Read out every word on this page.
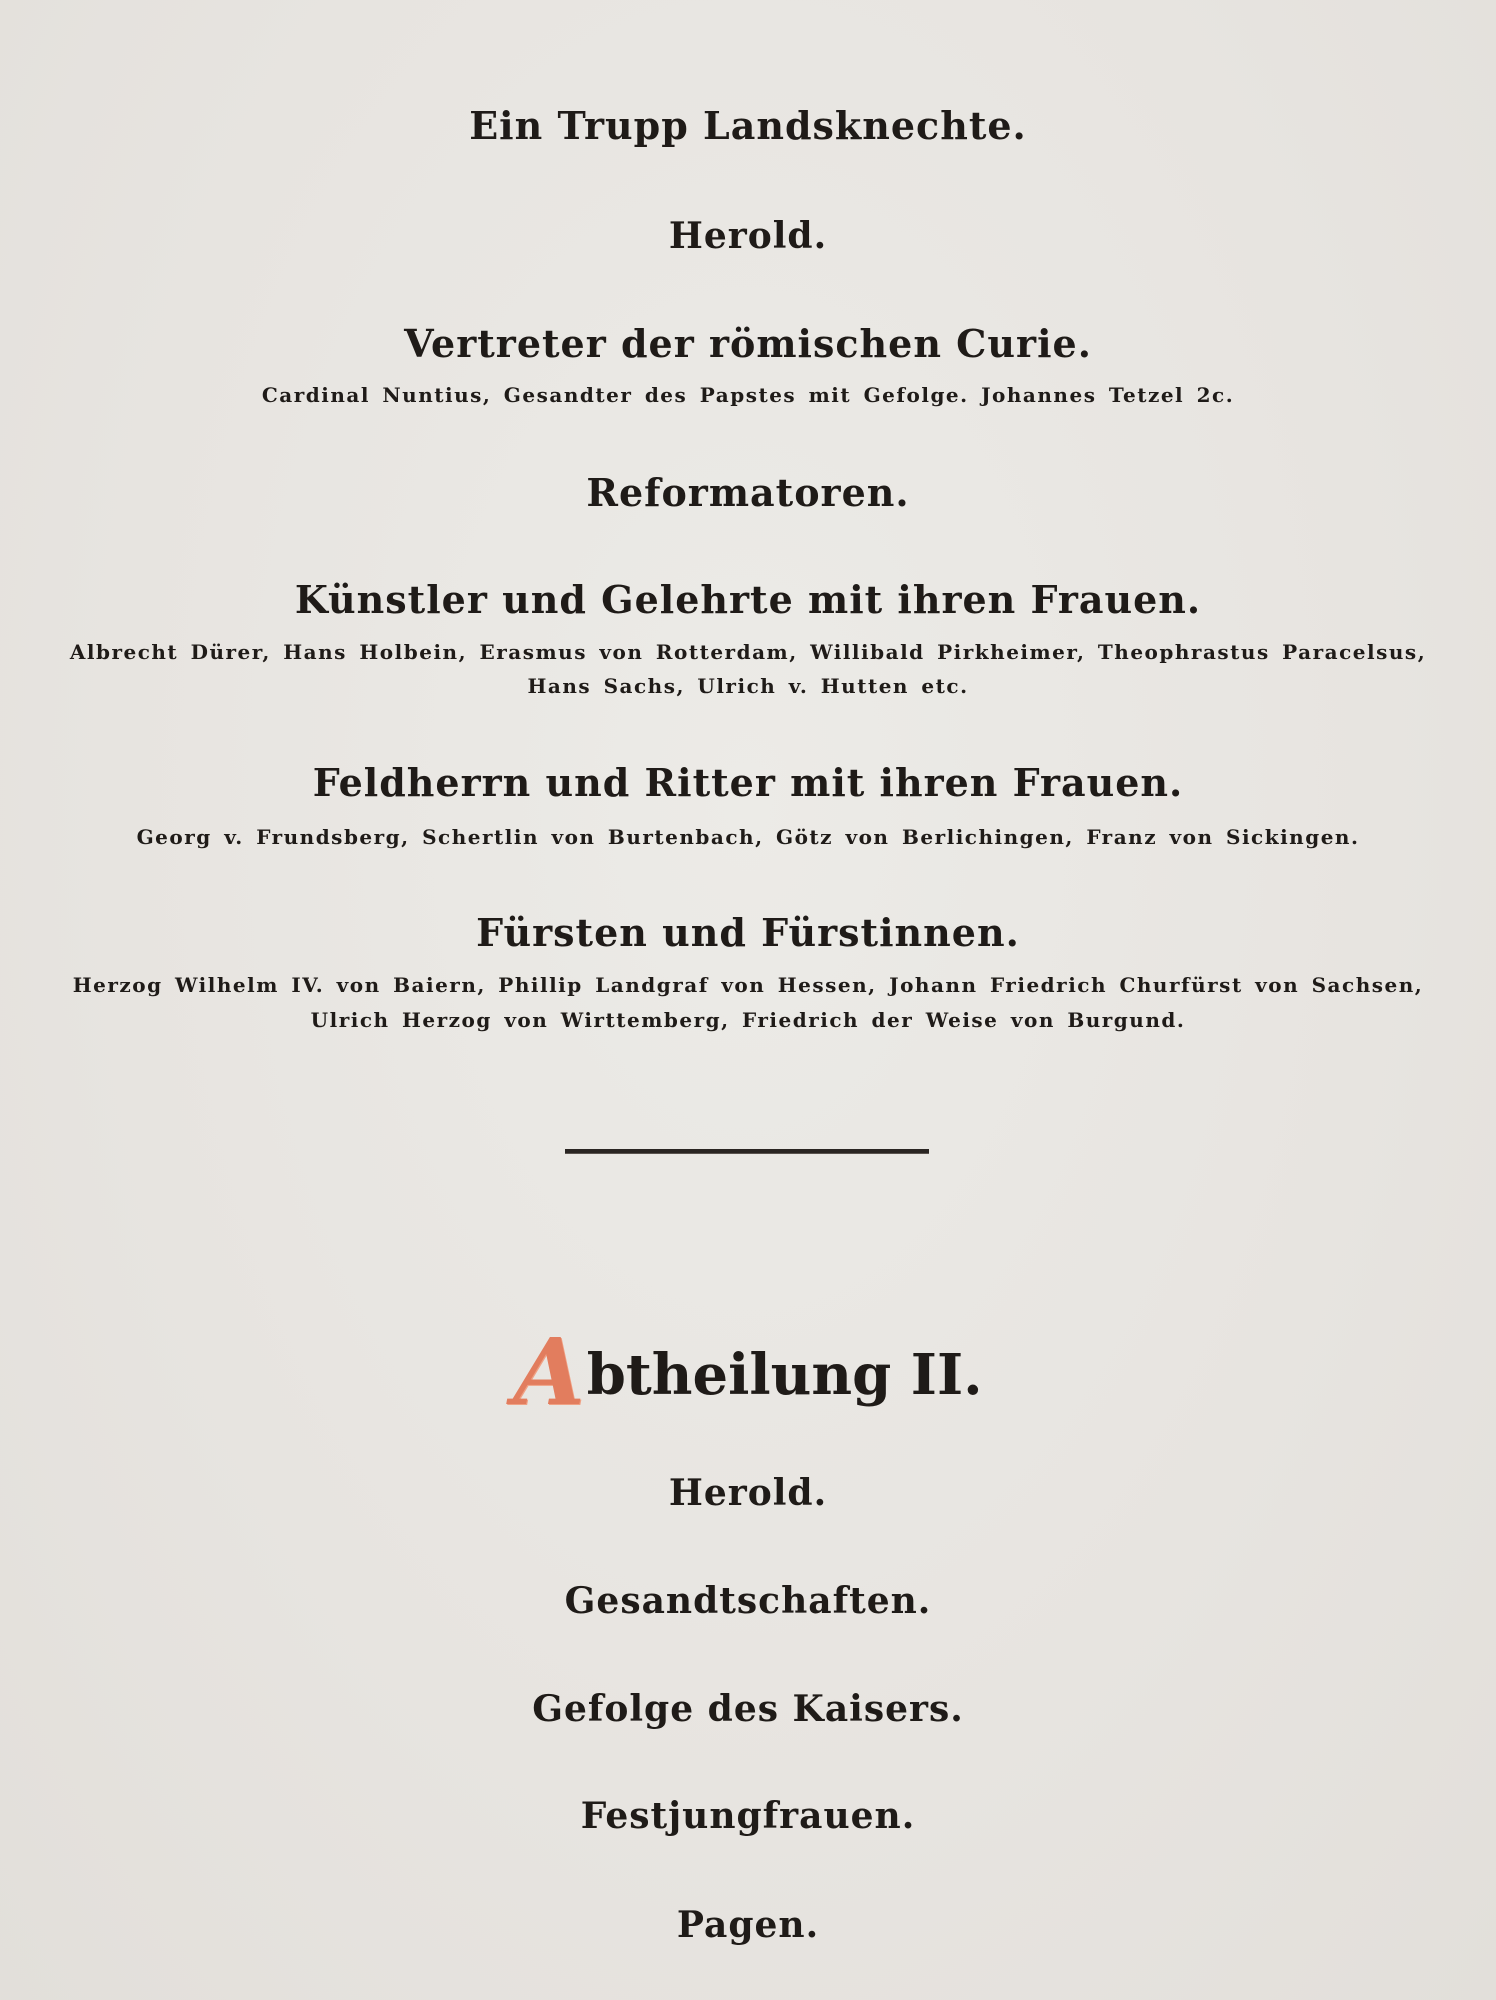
Ein Trupp Landsknechte.
Herold.
Vertreter der römischen Curie.
Cardinal Nuntius, Gesandter des Papstes mit Gefolge. Johannes Tetzel 2c.
Reformatoren.
Künstler und Gelehrte mit ihren Frauen.
Albrecht Dürer, Hans Holbein, Erasmus von Rotterdam, Willibald Pirkheimer, Theophrastus Paracelsus,
Hans Sachs, Ulrich v. Hutten etc.
Feldherrn und Ritter mit ihren Frauen.
Georg v. Frundsberg, Schertlin von Burtenbach, Götz von Berlichingen, Franz von Sickingen.
Fürsten und Fürstinnen.
Herzog Wilhelm IV. von Baiern, Phillip Landgraf von Hessen, Johann Friedrich Churfürst von Sachsen,
Ulrich Herzog von Wirttemberg, Friedrich der Weise von Burgund.
Abtheilung II.
Herold.
Gesandtschaften.
Gefolge des Kaisers.
Festjungfrauen.
Pagen.
